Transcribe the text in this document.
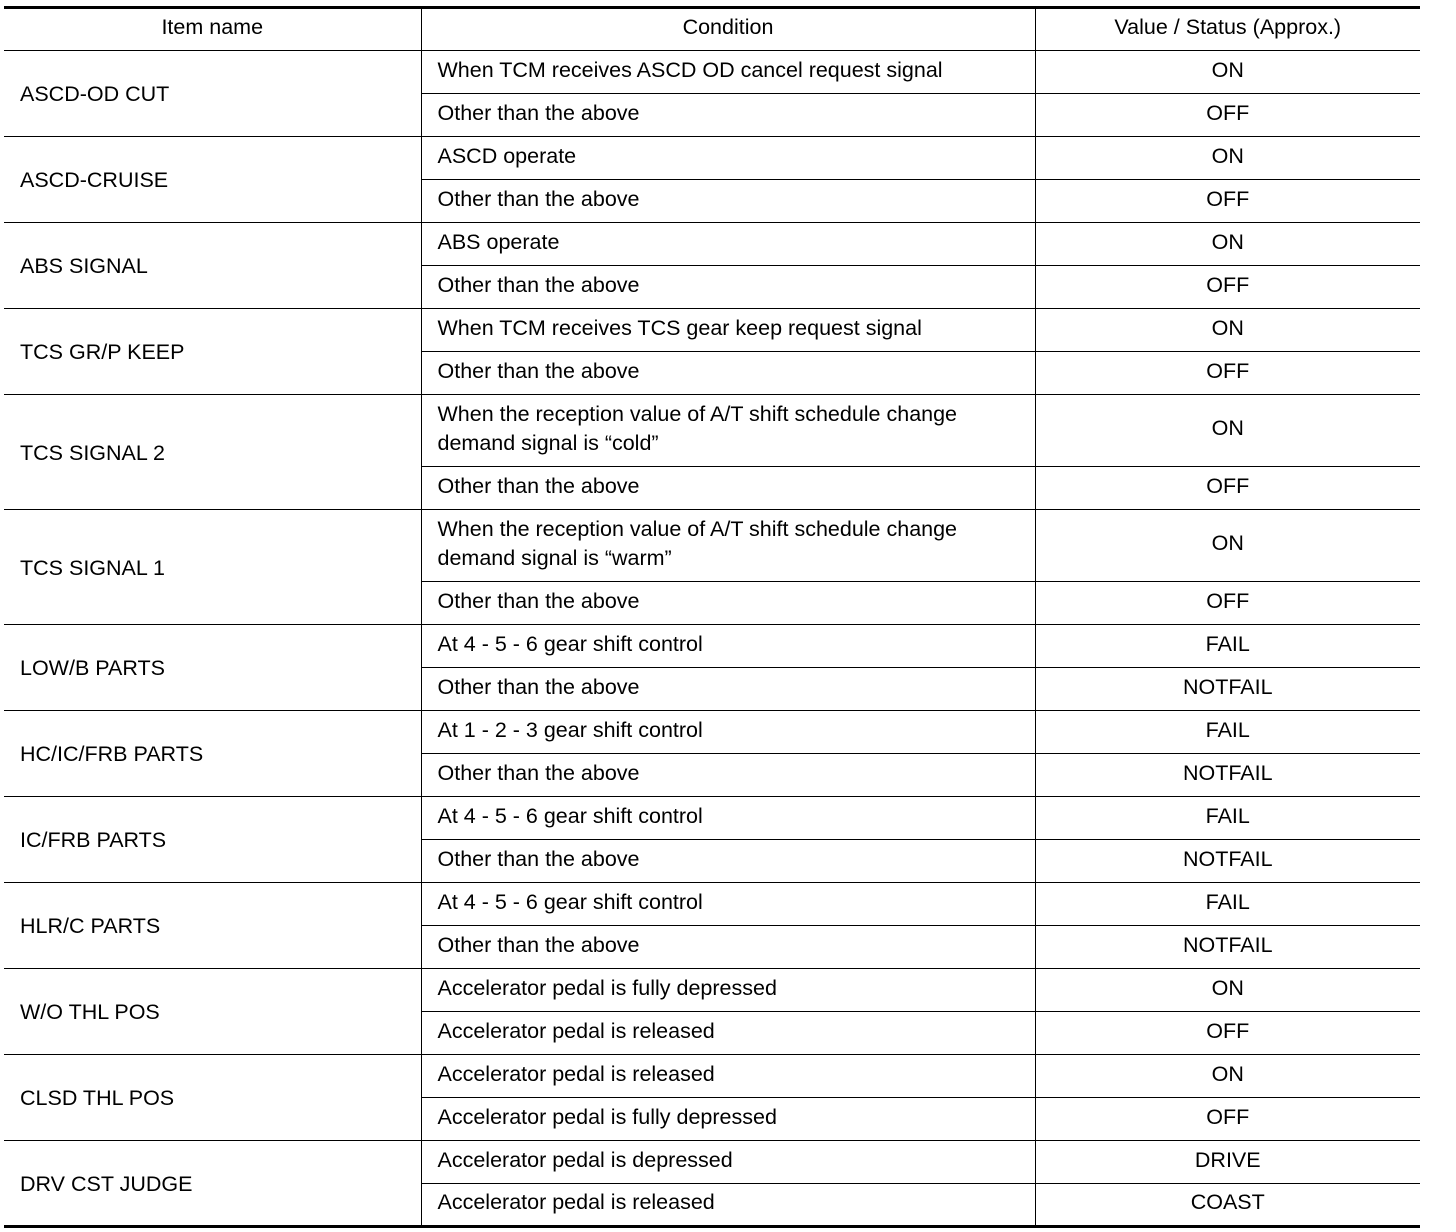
Item name	Condition	Value / Status (Approx.)
ASCD-OD CUT	When TCM receives ASCD OD cancel request signal	ON
	Other than the above	OFF
ASCD-CRUISE	ASCD operate	ON
	Other than the above	OFF
ABS SIGNAL	ABS operate	ON
	Other than the above	OFF
TCS GR/P KEEP	When TCM receives TCS gear keep request signal	ON
	Other than the above	OFF
TCS SIGNAL 2	When the reception value of A/T shift schedule change demand signal is “cold”	ON
	Other than the above	OFF
TCS SIGNAL 1	When the reception value of A/T shift schedule change demand signal is “warm”	ON
	Other than the above	OFF
LOW/B PARTS	At 4 - 5 - 6 gear shift control	FAIL
	Other than the above	NOTFAIL
HC/IC/FRB PARTS	At 1 - 2 - 3 gear shift control	FAIL
	Other than the above	NOTFAIL
IC/FRB PARTS	At 4 - 5 - 6 gear shift control	FAIL
	Other than the above	NOTFAIL
HLR/C PARTS	At 4 - 5 - 6 gear shift control	FAIL
	Other than the above	NOTFAIL
W/O THL POS	Accelerator pedal is fully depressed	ON
	Accelerator pedal is released	OFF
CLSD THL POS	Accelerator pedal is released	ON
	Accelerator pedal is fully depressed	OFF
DRV CST JUDGE	Accelerator pedal is depressed	DRIVE
	Accelerator pedal is released	COAST
